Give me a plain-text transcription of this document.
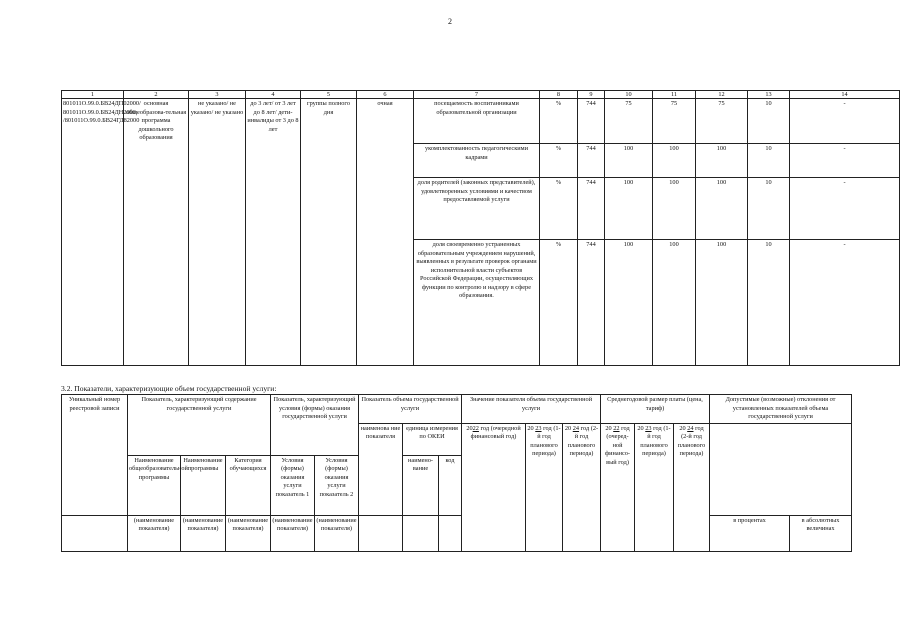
2
1	2	3	4	5	6	7	8	9	10	11	12	13	14
801011О.99.0.БВ24ДП02000/ 801011О.99.0.БВ24ДН2000 /801011О.99.0.БВ24ГД82000	основная общеобразова-тельная программа дошкольного образования	не указано/ не указано/ не указано	до 3 лет/ от 3 лет до 8 лет/ дети-инвалиды от 3 до 8 лет	группы полного дня	очная	посещаемость воспитанниками образовательной организации	%	744	75	75	75	10	-
						укомплектованность педагогическими кадрами	%	744	100	100	100	10	-
						доля родителей (законных представителей), удовлетворенных условиями и качеством предоставляемой услуги	%	744	100	100	100	10	-
						доля своевременно устраненных образовательным учреждением нарушений, выявленных в результате проверок органами исполнительной власти субъектов Российской Федерации, осуществляющих функции по контролю и надзору в сфере образования.	%	744	100	100	100	10	-
3.2. Показатели, характеризующие объем государственной услуги:
Уникальный номер реестровой записи	Показатель, характеризующий содержание государственной услуги			Показатель, характеризующий условия (формы) оказания государственной услуги		Показатель объема государственной услуги			Значение показателя объема государственной услуги			Среднегодовой размер платы (цена, тариф)			Допустимые (возможные) отклонения от установленных показателей объема государственной услуги	
						наименова ние показателя	единица измерения по ОКЕИ		2022 год (очередной финансовый год)	20 23 год (1-й год планового периода)	20 24 год (2-й год планового периода)	20 22 год (очеред-ной финансо-вый год)	20 23 год (1-й год планового периода)	20 24 год (2-й год планового периода)		
	Наименование общеобразовательной программы	Наименование программы	Категория обучающихся	Условия (формы) оказания услуги показатель 1	Условия (формы) оказания услуги показатель 2		наимено-вание	код								
	(наименование показателя)	(наименование показателя)	(наименование показателя)	(наименование показателя)	(наименование показателя)										в процентах	в абсолютных величинах
